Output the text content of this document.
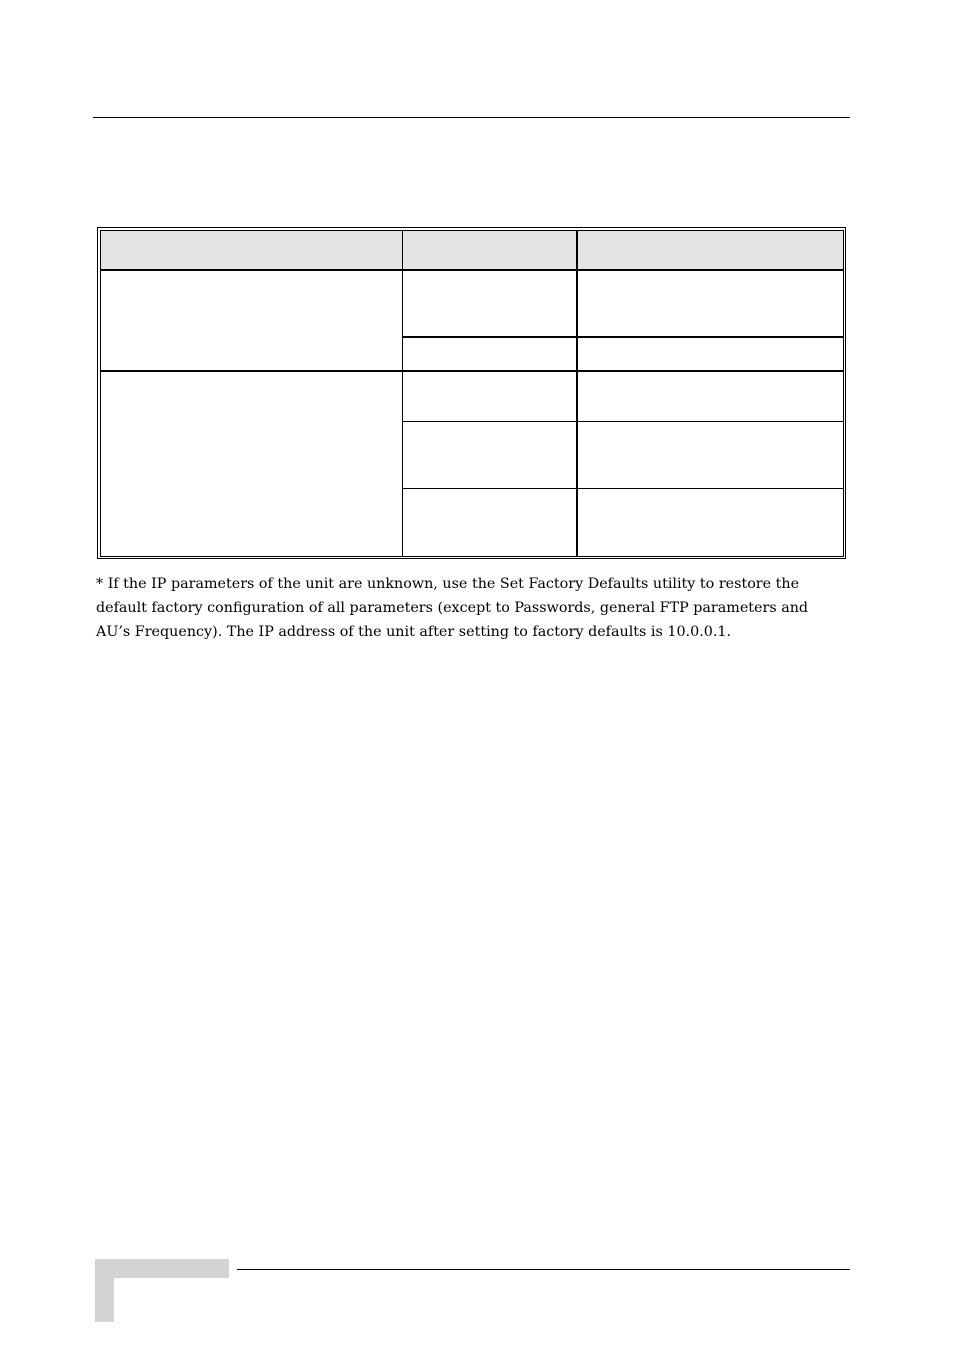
* If the IP parameters of the unit are unknown, use the Set Factory Defaults utility to restore the default factory configuration of all parameters (except to Passwords, general FTP parameters and AU’s Frequency). The IP address of the unit after setting to factory defaults is 10.0.0.1.
